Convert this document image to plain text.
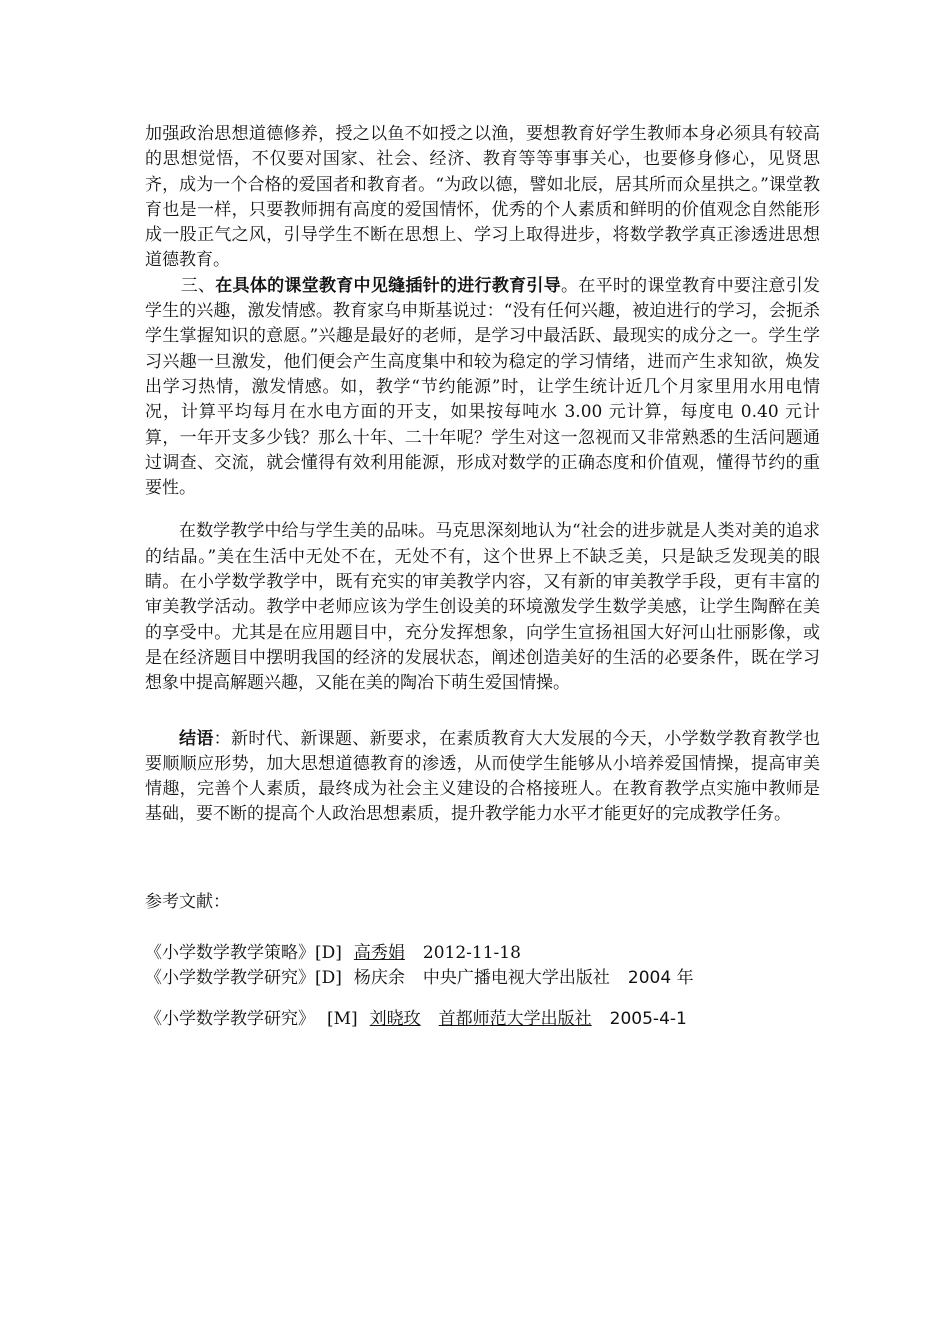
加强政治思想道德修养，授之以鱼不如授之以渔，要想教育好学生教师本身必须具有较高的思想觉悟，不仅要对国家、社会、经济、教育等等事事关心，也要修身修心，见贤思齐，成为一个合格的爱国者和教育者。“为政以德，譬如北辰，居其所而众星拱之。”课堂教育也是一样，只要教师拥有高度的爱国情怀，优秀的个人素质和鲜明的价值观念自然能形成一股正气之风，引导学生不断在思想上、学习上取得进步，将数学教学真正渗透进思想道德教育。

三、在具体的课堂教育中见缝插针的进行教育引导。在平时的课堂教育中要注意引发学生的兴趣，激发情感。教育家乌申斯基说过：“没有任何兴趣，被迫进行的学习，会扼杀学生掌握知识的意愿。”兴趣是最好的老师，是学习中最活跃、最现实的成分之一。学生学习兴趣一旦激发，他们便会产生高度集中和较为稳定的学习情绪，进而产生求知欲，焕发出学习热情，激发情感。如，教学“节约能源”时，让学生统计近几个月家里用水用电情况，计算平均每月在水电方面的开支，如果按每吨水 3.00 元计算，每度电 0.40 元计算，一年开支多少钱？那么十年、二十年呢？学生对这一忽视而又非常熟悉的生活问题通过调查、交流，就会懂得有效利用能源，形成对数学的正确态度和价值观，懂得节约的重要性。

在数学教学中给与学生美的品味。马克思深刻地认为“社会的进步就是人类对美的追求的结晶。”美在生活中无处不在，无处不有，这个世界上不缺乏美，只是缺乏发现美的眼睛。在小学数学教学中，既有充实的审美教学内容，又有新的审美教学手段，更有丰富的审美教学活动。教学中老师应该为学生创设美的环境激发学生数学美感，让学生陶醉在美的享受中。尤其是在应用题目中，充分发挥想象，向学生宣扬祖国大好河山壮丽影像，或是在经济题目中摆明我国的经济的发展状态，阐述创造美好的生活的必要条件，既在学习想象中提高解题兴趣，又能在美的陶冶下萌生爱国情操。

结语：新时代、新课题、新要求，在素质教育大大发展的今天，小学数学教育教学也要顺顺应形势，加大思想道德教育的渗透，从而使学生能够从小培养爱国情操，提高审美情趣，完善个人素质，最终成为社会主义建设的合格接班人。在教育教学点实施中教师是基础，要不断的提高个人政治思想素质，提升教学能力水平才能更好的完成教学任务。

参考文献：

《小学数学教学策略》[D] 高秀娟 2012-11-18

《小学数学教学研究》[D] 杨庆余 中央广播电视大学出版社 2004 年

《小学数学教学研究》 [M] 刘晓玫 首都师范大学出版社 2005-4-1
